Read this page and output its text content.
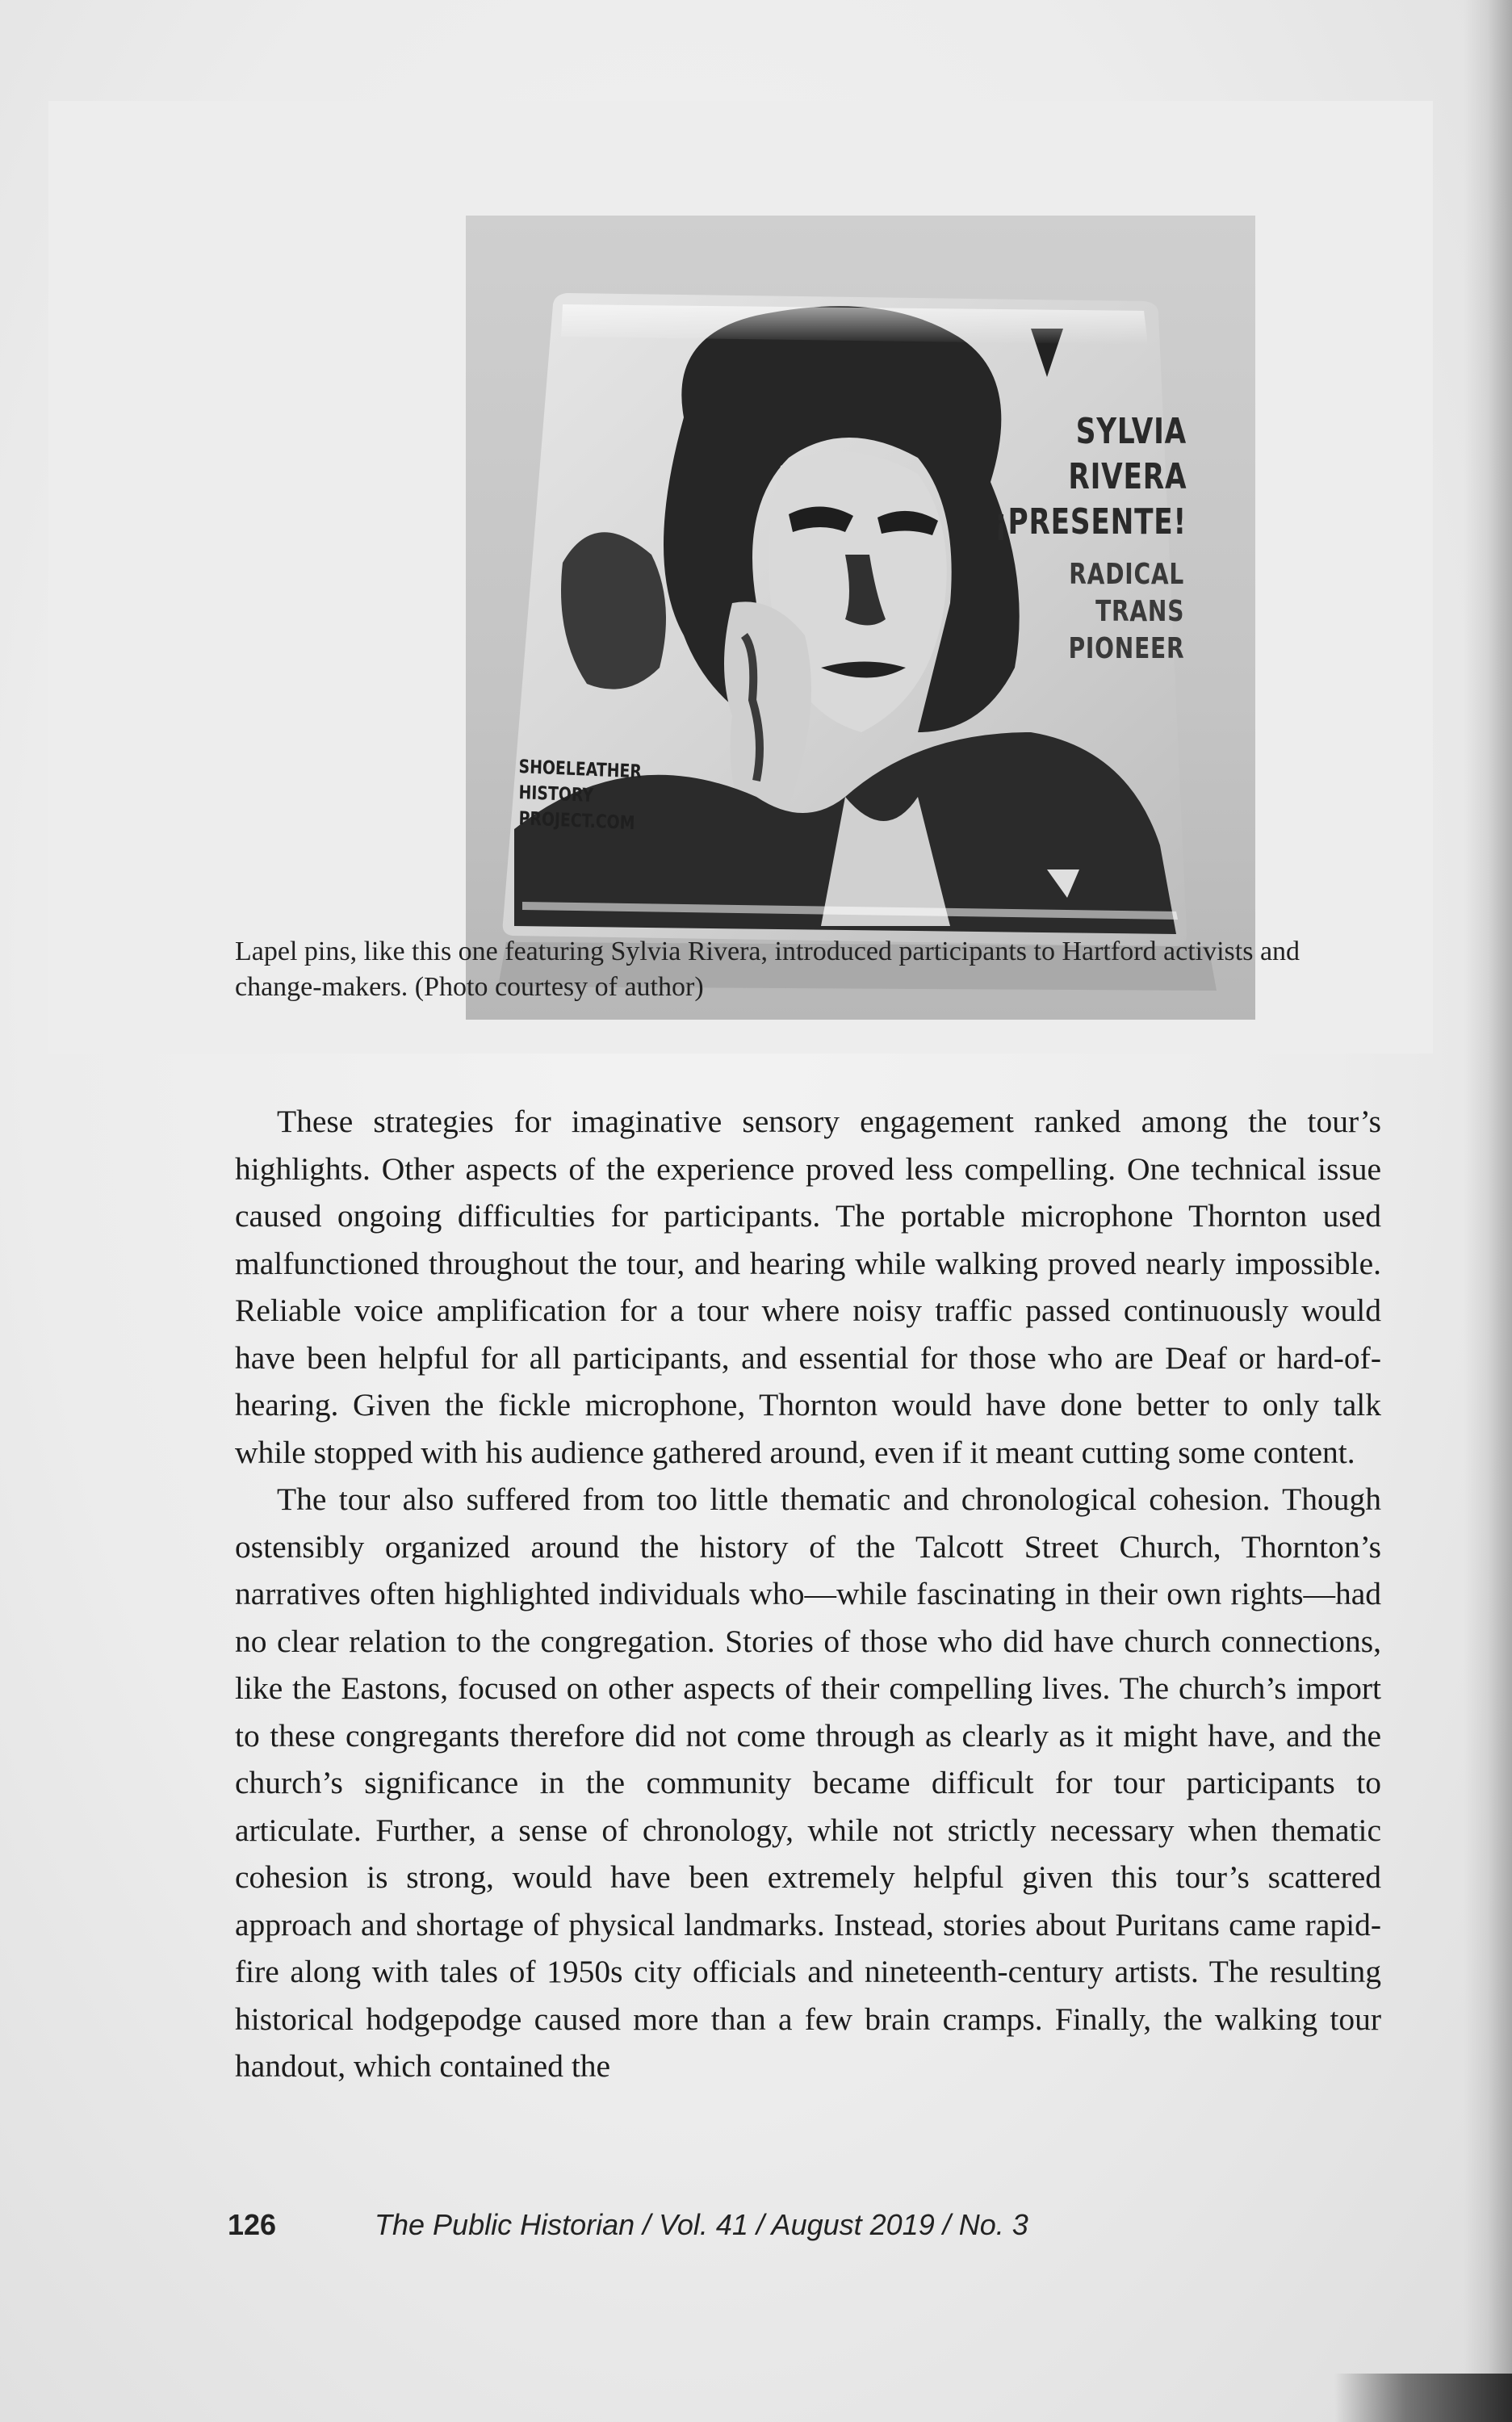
SYLVIA
RIVERA
¡PRESENTE!
RADICAL
TRANS
PIONEER
SHOELEATHER
HISTORY
PROJECT.COM
Lapel pins, like this one featuring Sylvia Rivera, introduced participants to Hartford activists and change-makers. (Photo courtesy of author)

These strategies for imaginative sensory engagement ranked among the tour’s highlights. Other aspects of the experience proved less compelling. One technical issue caused ongoing difficulties for participants. The portable microphone Thornton used malfunctioned throughout the tour, and hearing while walking proved nearly impossible. Reliable voice amplification for a tour where noisy traffic passed continuously would have been helpful for all participants, and essential for those who are Deaf or hard-of-hearing. Given the fickle microphone, Thornton would have done better to only talk while stopped with his audience gathered around, even if it meant cutting some content.

The tour also suffered from too little thematic and chronological cohesion. Though ostensibly organized around the history of the Talcott Street Church, Thornton’s narratives often highlighted individuals who—while fascinating in their own rights—had no clear relation to the congregation. Stories of those who did have church connections, like the Eastons, focused on other aspects of their compelling lives. The church’s import to these congregants therefore did not come through as clearly as it might have, and the church’s significance in the community became difficult for tour participants to articulate. Further, a sense of chronology, while not strictly necessary when thematic cohesion is strong, would have been extremely helpful given this tour’s scattered approach and shortage of physical landmarks. Instead, stories about Puritans came rapid-fire along with tales of 1950s city officials and nineteenth-century artists. The resulting historical hodgepodge caused more than a few brain cramps. Finally, the walking tour handout, which contained the

126	The Public Historian / Vol. 41 / August 2019 / No. 3
